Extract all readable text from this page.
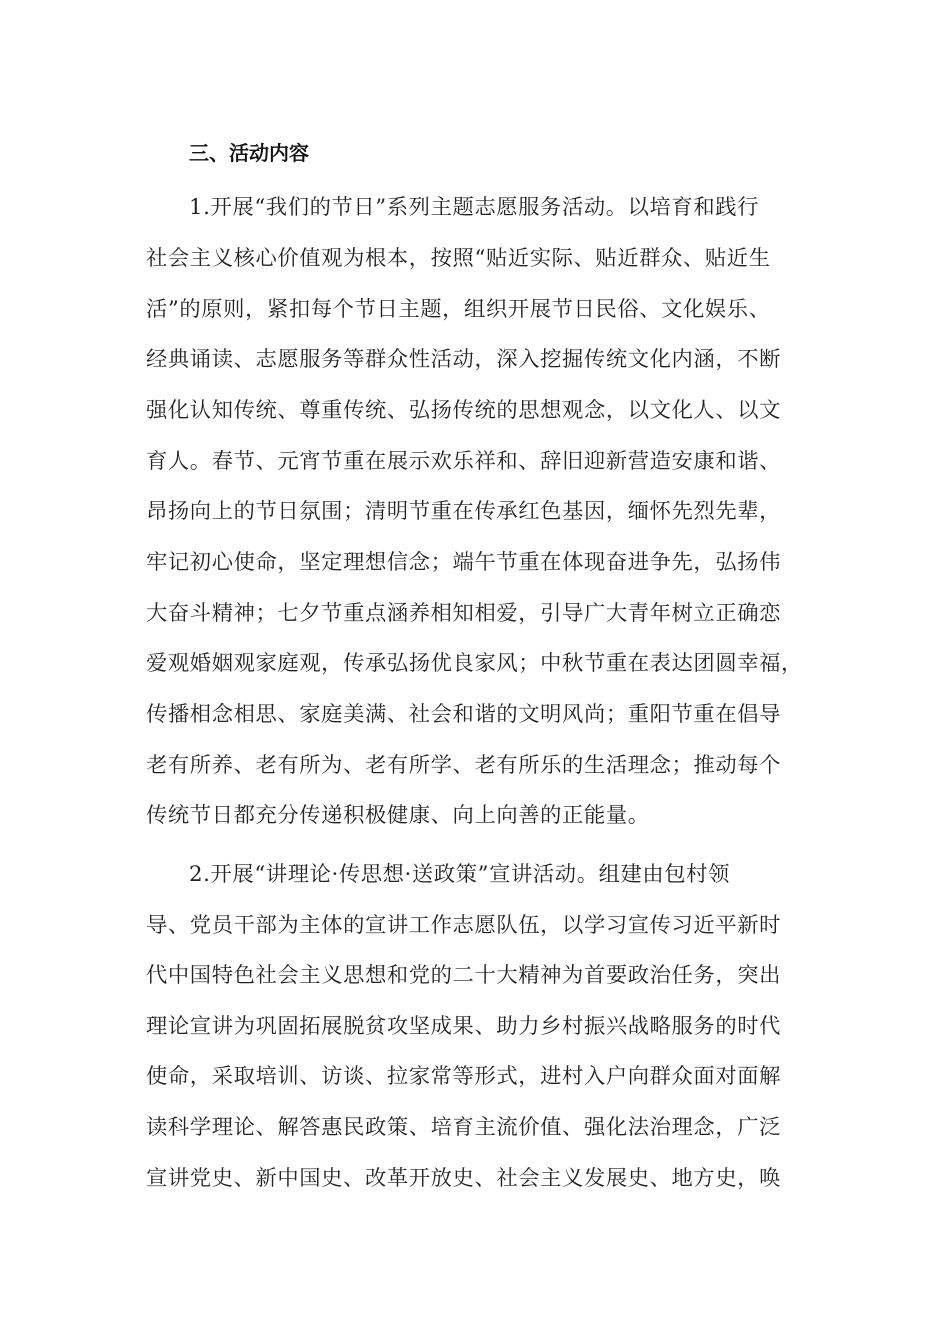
三、活动内容
1.开展“我们的节日”系列主题志愿服务活动。以培育和践行
社会主义核心价值观为根本，按照“贴近实际、贴近群众、贴近生
活”的原则，紧扣每个节日主题，组织开展节日民俗、文化娱乐、
经典诵读、志愿服务等群众性活动，深入挖掘传统文化内涵，不断
强化认知传统、尊重传统、弘扬传统的思想观念，以文化人、以文
育人。春节、元宵节重在展示欢乐祥和、辞旧迎新营造安康和谐、
昂扬向上的节日氛围；清明节重在传承红色基因，缅怀先烈先辈，
牢记初心使命，坚定理想信念；端午节重在体现奋进争先，弘扬伟
大奋斗精神；七夕节重点涵养相知相爱，引导广大青年树立正确恋
爱观婚姻观家庭观，传承弘扬优良家风；中秋节重在表达团圆幸福，
传播相念相思、家庭美满、社会和谐的文明风尚；重阳节重在倡导
老有所养、老有所为、老有所学、老有所乐的生活理念；推动每个
传统节日都充分传递积极健康、向上向善的正能量。
2.开展“讲理论·传思想·送政策”宣讲活动。组建由包村领
导、党员干部为主体的宣讲工作志愿队伍，以学习宣传习近平新时
代中国特色社会主义思想和党的二十大精神为首要政治任务，突出
理论宣讲为巩固拓展脱贫攻坚成果、助力乡村振兴战略服务的时代
使命，采取培训、访谈、拉家常等形式，进村入户向群众面对面解
读科学理论、解答惠民政策、培育主流价值、强化法治理念，广泛
宣讲党史、新中国史、改革开放史、社会主义发展史、地方史，唤
